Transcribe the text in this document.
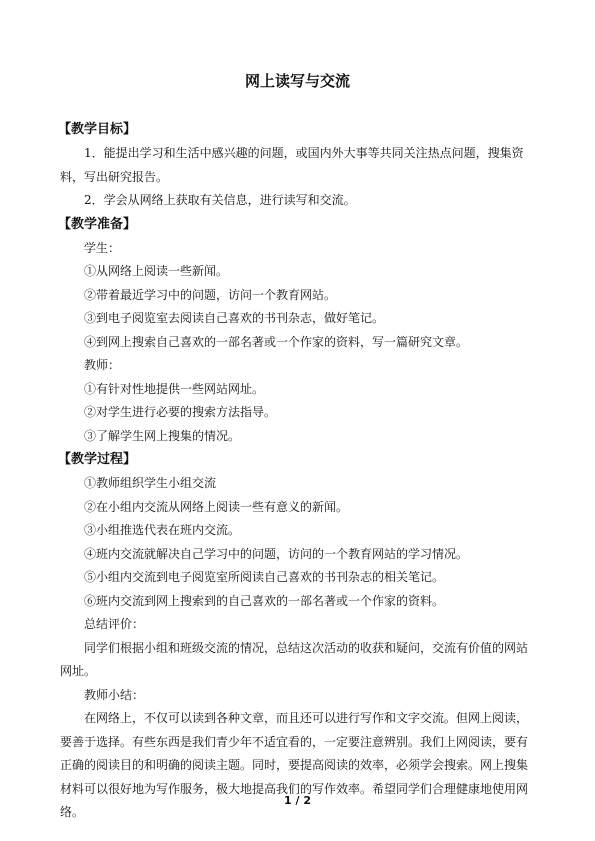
网上读写与交流
【教学目标】

1．能提出学习和生活中感兴趣的问题，或国内外大事等共同关注热点问题，搜集资料，写出研究报告。

2．学会从网络上获取有关信息，进行读写和交流。

【教学准备】

学生：

①从网络上阅读一些新闻。

②带着最近学习中的问题，访问一个教育网站。

③到电子阅览室去阅读自己喜欢的书刊杂志，做好笔记。

④到网上搜索自己喜欢的一部名著或一个作家的资料，写一篇研究文章。

教师：

①有针对性地提供一些网站网址。

②对学生进行必要的搜索方法指导。

③了解学生网上搜集的情况。

【教学过程】

①教师组织学生小组交流

②在小组内交流从网络上阅读一些有意义的新闻。

③小组推选代表在班内交流。

④班内交流就解决自己学习中的问题，访问的一个教育网站的学习情况。

⑤小组内交流到电子阅览室所阅读自己喜欢的书刊杂志的相关笔记。

⑥班内交流到网上搜索到的自己喜欢的一部名著或一个作家的资料。

总结评价：

同学们根据小组和班级交流的情况，总结这次活动的收获和疑问，交流有价值的网站网址。

教师小结：

在网络上，不仅可以读到各种文章，而且还可以进行写作和文字交流。但网上阅读，要善于选择。有些东西是我们青少年不适宜看的，一定要注意辨别。我们上网阅读，要有正确的阅读目的和明确的阅读主题。同时，要提高阅读的效率，必须学会搜索。网上搜集材料可以很好地为写作服务，极大地提高我们的写作效率。希望同学们合理健康地使用网络。

1 / 2
